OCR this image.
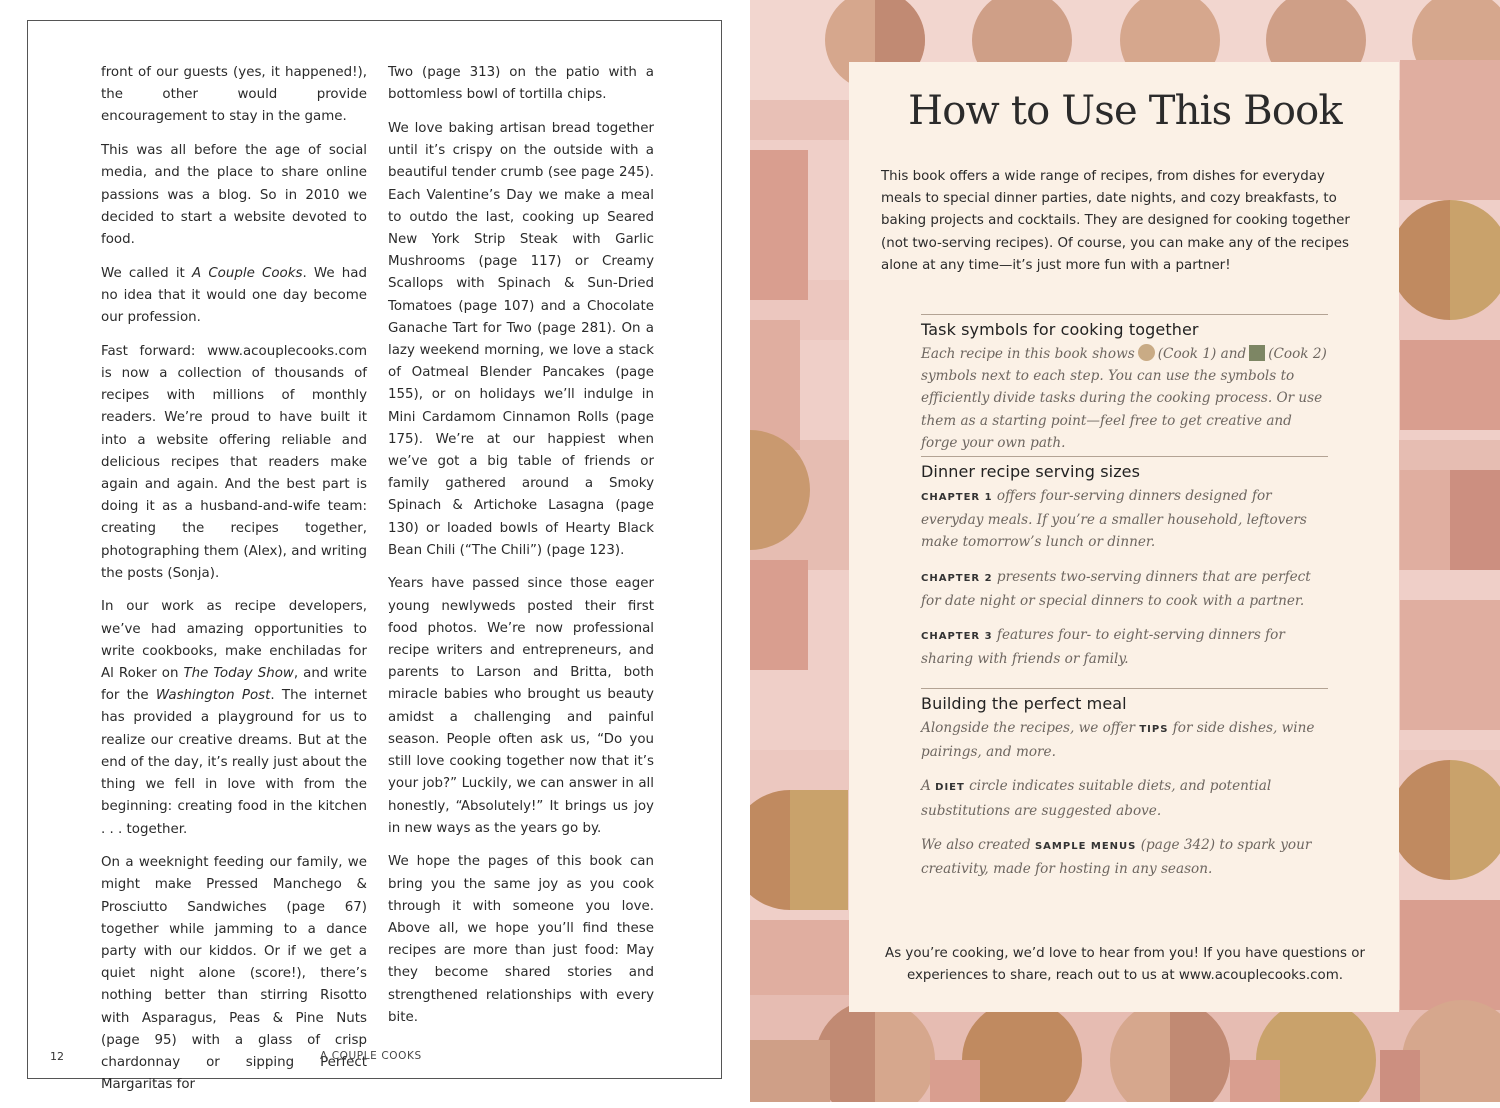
front of our guests (yes, it happened!), the other would provide encouragement to stay in the game.

This was all before the age of social media, and the place to share online passions was a blog. So in 2010 we decided to start a website devoted to food.

We called it A Couple Cooks. We had no idea that it would one day become our profession.

Fast forward: www.acouplecooks.com is now a collection of thousands of recipes with millions of monthly readers. We’re proud to have built it into a website offering reliable and delicious recipes that readers make again and again. And the best part is doing it as a husband-and-wife team: creating the recipes together, photographing them (Alex), and writing the posts (Sonja).

In our work as recipe developers, we’ve had amazing opportunities to write cookbooks, make enchiladas for Al Roker on The Today Show, and write for the Washington Post. The internet has provided a playground for us to realize our creative dreams. But at the end of the day, it’s really just about the thing we fell in love with from the beginning: creating food in the kitchen . . . together.

On a weeknight feeding our family, we might make Pressed Manchego & Prosciutto Sandwiches (page 67) together while jamming to a dance party with our kiddos. Or if we get a quiet night alone (score!), there’s nothing better than stirring Risotto with Asparagus, Peas & Pine Nuts (page 95) with a glass of crisp chardonnay or sipping Perfect Margaritas for

Two (page 313) on the patio with a bottomless bowl of tortilla chips.

We love baking artisan bread together until it’s crispy on the outside with a beautiful tender crumb (see page 245). Each Valentine’s Day we make a meal to outdo the last, cooking up Seared New York Strip Steak with Garlic Mushrooms (page 117) or Creamy Scallops with Spinach & Sun-Dried Tomatoes (page 107) and a Chocolate Ganache Tart for Two (page 281). On a lazy weekend morning, we love a stack of Oatmeal Blender Pancakes (page 155), or on holidays we’ll indulge in Mini Cardamom Cinnamon Rolls (page 175). We’re at our happiest when we’ve got a big table of friends or family gathered around a Smoky Spinach & Artichoke Lasagna (page 130) or loaded bowls of Hearty Black Bean Chili (“The Chili”) (page 123).

Years have passed since those eager young newlyweds posted their first food photos. We’re now professional recipe writers and entrepreneurs, and parents to Larson and Britta, both miracle babies who brought us beauty amidst a challenging and painful season. People often ask us, “Do you still love cooking together now that it’s your job?” Luckily, we can answer in all honestly, “Absolutely!” It brings us joy in new ways as the years go by.

We hope the pages of this book can bring you the same joy as you cook through it with someone you love. Above all, we hope you’ll find these recipes are more than just food: May they become shared stories and strengthened relationships with every bite.

12	A COUPLE COOKS
How to Use This Book

This book offers a wide range of recipes, from dishes for everyday meals to special dinner parties, date nights, and cozy breakfasts, to baking projects and cocktails. They are designed for cooking together (not two-serving recipes). Of course, you can make any of the recipes alone at any time—it’s just more fun with a partner!

Task symbols for cooking together

Each recipe in this book shows (Cook 1) and (Cook 2) symbols next to each step. You can use the symbols to efficiently divide tasks during the cooking process. Or use them as a starting point—feel free to get creative and forge your own path.

Dinner recipe serving sizes

CHAPTER 1 offers four-serving dinners designed for everyday meals. If you’re a smaller household, leftovers make tomorrow’s lunch or dinner.

CHAPTER 2 presents two-serving dinners that are perfect for date night or special dinners to cook with a partner.

CHAPTER 3 features four- to eight-serving dinners for sharing with friends or family.

Building the perfect meal

Alongside the recipes, we offer TIPS for side dishes, wine pairings, and more.

A DIET circle indicates suitable diets, and potential substitutions are suggested above.

We also created SAMPLE MENUS (page 342) to spark your creativity, made for hosting in any season.

As you’re cooking, we’d love to hear from you! If you have questions or experiences to share, reach out to us at www.acouplecooks.com.
